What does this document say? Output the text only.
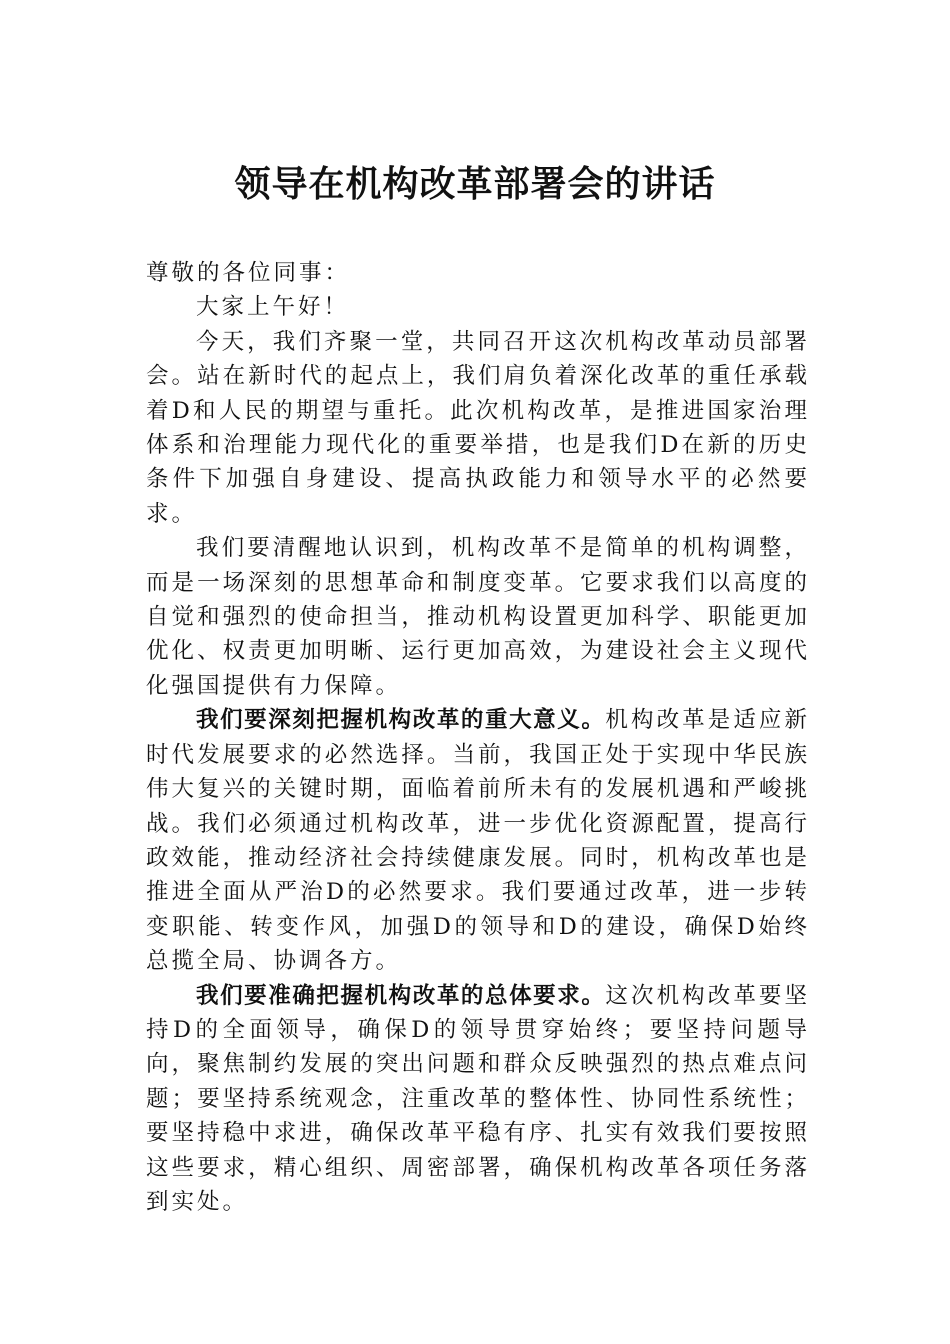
领导在机构改革部署会的讲话

尊敬的各位同事：

大家上午好！

今天，我们齐聚一堂，共同召开这次机构改革动员部署会。站在新时代的起点上，我们肩负着深化改革的重任承载着D和人民的期望与重托。此次机构改革，是推进国家治理体系和治理能力现代化的重要举措，也是我们D在新的历史条件下加强自身建设、提高执政能力和领导水平的必然要求。

我们要清醒地认识到，机构改革不是简单的机构调整，而是一场深刻的思想革命和制度变革。它要求我们以高度的自觉和强烈的使命担当，推动机构设置更加科学、职能更加优化、权责更加明晰、运行更加高效，为建设社会主义现代化强国提供有力保障。

我们要深刻把握机构改革的重大意义。机构改革是适应新时代发展要求的必然选择。当前，我国正处于实现中华民族伟大复兴的关键时期，面临着前所未有的发展机遇和严峻挑战。我们必须通过机构改革，进一步优化资源配置，提高行政效能，推动经济社会持续健康发展。同时，机构改革也是推进全面从严治D的必然要求。我们要通过改革，进一步转变职能、转变作风，加强D的领导和D的建设，确保D始终总揽全局、协调各方。

我们要准确把握机构改革的总体要求。这次机构改革要坚持D的全面领导，确保D的领导贯穿始终；要坚持问题导向，聚焦制约发展的突出问题和群众反映强烈的热点难点问题；要坚持系统观念，注重改革的整体性、协同性系统性；要坚持稳中求进，确保改革平稳有序、扎实有效我们要按照这些要求，精心组织、周密部署，确保机构改革各项任务落到实处。
